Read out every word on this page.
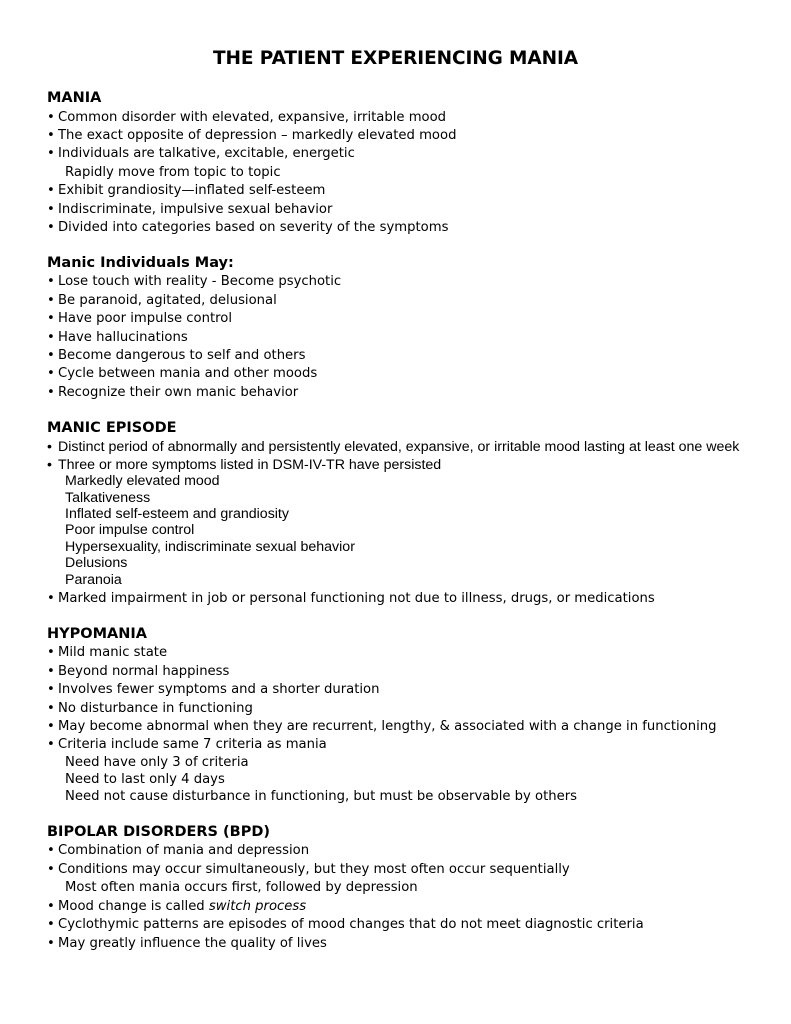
THE PATIENT EXPERIENCING MANIA
MANIA
• Common disorder with elevated, expansive, irritable mood
• The exact opposite of depression – markedly elevated mood
• Individuals are talkative, excitable, energetic
Rapidly move from topic to topic
• Exhibit grandiosity—inflated self-esteem
• Indiscriminate, impulsive sexual behavior
• Divided into categories based on severity of the symptoms
Manic Individuals May:
• Lose touch with reality - Become psychotic
• Be paranoid, agitated, delusional
• Have poor impulse control
• Have hallucinations
• Become dangerous to self and others
• Cycle between mania and other moods
• Recognize their own manic behavior
MANIC EPISODE
• Distinct period of abnormally and persistently elevated, expansive, or irritable mood lasting at least one week
• Three or more symptoms listed in DSM-IV-TR have persisted
Markedly elevated mood
Talkativeness
Inflated self-esteem and grandiosity
Poor impulse control
Hypersexuality, indiscriminate sexual behavior
Delusions
Paranoia
• Marked impairment in job or personal functioning not due to illness, drugs, or medications
HYPOMANIA
• Mild manic state
• Beyond normal happiness
• Involves fewer symptoms and a shorter duration
• No disturbance in functioning
• May become abnormal when they are recurrent, lengthy, & associated with a change in functioning
• Criteria include same 7 criteria as mania
Need have only 3 of criteria
Need to last only 4 days
Need not cause disturbance in functioning, but must be observable by others
BIPOLAR DISORDERS (BPD)
• Combination of mania and depression
• Conditions may occur simultaneously, but they most often occur sequentially
Most often mania occurs first, followed by depression
• Mood change is called switch process
• Cyclothymic patterns are episodes of mood changes that do not meet diagnostic criteria
• May greatly influence the quality of lives
